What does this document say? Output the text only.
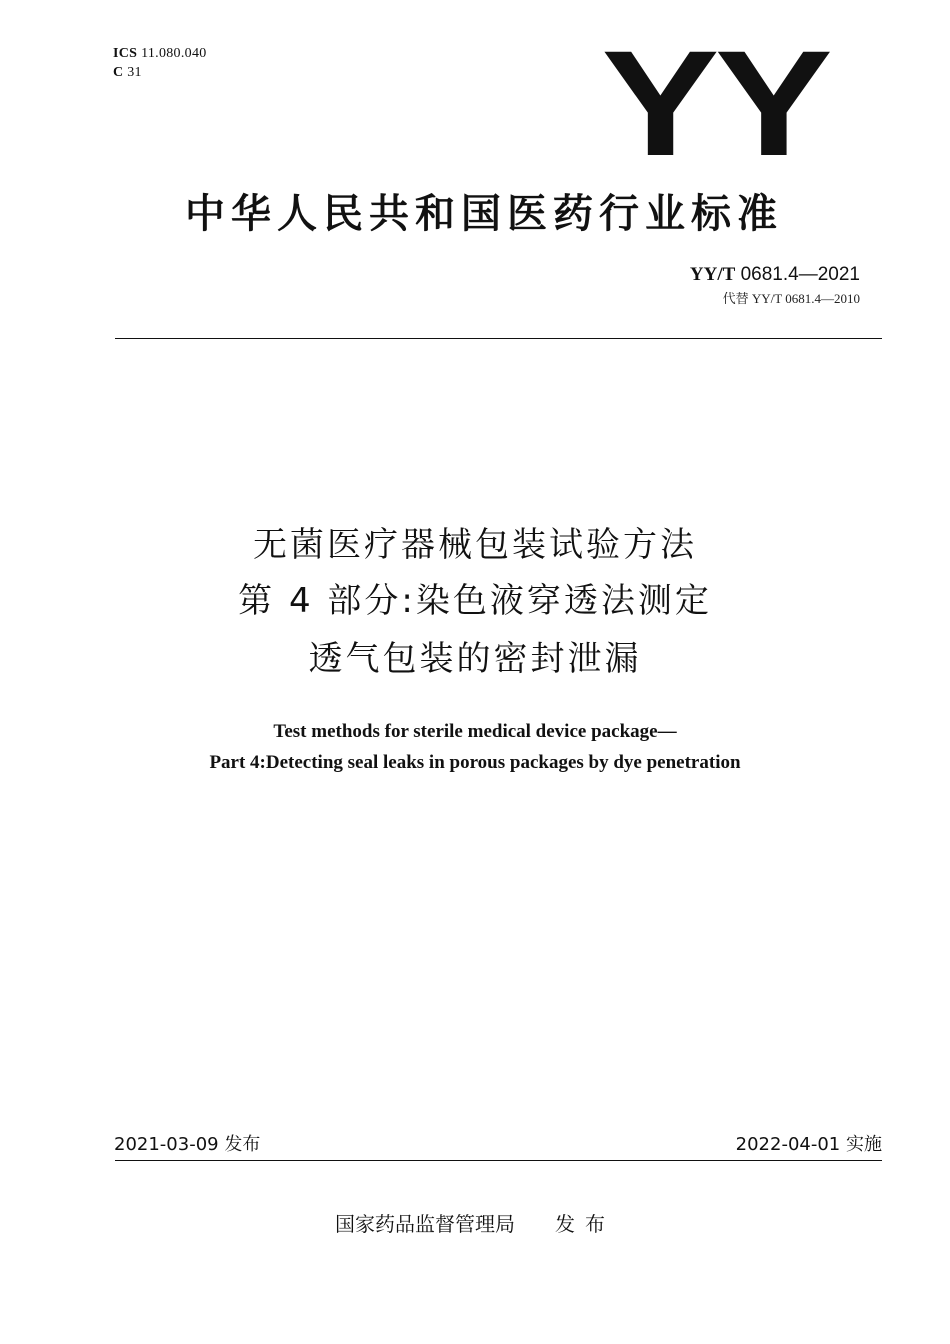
ICS 11.080.040
C 31	YY
中华人民共和国医药行业标准
YY/T 0681.4—2021
代替 YY/T 0681.4—2010
无菌医疗器械包装试验方法
第 4 部分:染色液穿透法测定
透气包装的密封泄漏
Test methods for sterile medical device package—
Part 4:Detecting seal leaks in porous packages by dye penetration
2021-03-09 发布	2022-04-01 实施
国家药品监督管理局 发布
